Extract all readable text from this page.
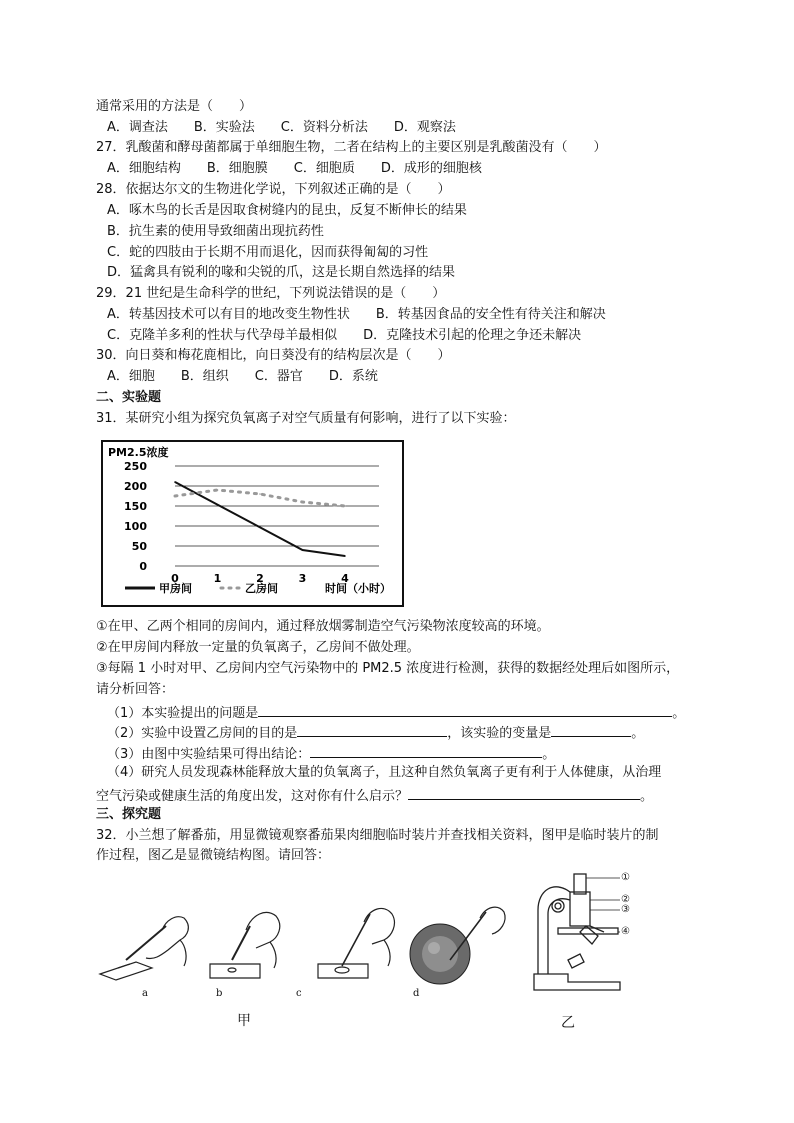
通常采用的方法是（　　）
A．调查法　　B．实验法　　C．资料分析法　　D．观察法
27．乳酸菌和酵母菌都属于单细胞生物，二者在结构上的主要区别是乳酸菌没有（　　）
A．细胞结构　　B．细胞膜　　C．细胞质　　D．成形的细胞核
28．依据达尔文的生物进化学说，下列叙述正确的是（　　）
A．啄木鸟的长舌是因取食树缝内的昆虫，反复不断伸长的结果
B．抗生素的使用导致细菌出现抗药性
C．蛇的四肢由于长期不用而退化，因而获得匍匐的习性
D．猛禽具有锐利的喙和尖锐的爪，这是长期自然选择的结果
29．21 世纪是生命科学的世纪，下列说法错误的是（　　）
A．转基因技术可以有目的地改变生物性状　　B．转基因食品的安全性有待关注和解决
C．克隆羊多利的性状与代孕母羊最相似　　D．克隆技术引起的伦理之争还未解决
30．向日葵和梅花鹿相比，向日葵没有的结构层次是（　　）
A．细胞　　B．组织　　C．器官　　D．系统
二、实验题
31．某研究小组为探究负氧离子对空气质量有何影响，进行了以下实验：
PM2.5浓度
250
200
150
100
50
0
0	1	2	3	4
甲房间	乙房间	时间（小时）
①在甲、乙两个相同的房间内，通过释放烟雾制造空气污染物浓度较高的环境。
②在甲房间内释放一定量的负氧离子，乙房间不做处理。
③每隔 1 小时对甲、乙房间内空气污染物中的 PM2.5 浓度进行检测，获得的数据经处理后如图所示，
请分析回答：
（1）本实验提出的问题是	。
（2）实验中设置乙房间的目的是	，该实验的变量是	。
（3）由图中实验结果可得出结论：	。
（4）研究人员发现森林能释放大量的负氧离子，且这种自然负氧离子更有利于人体健康，从治理
空气污染或健康生活的角度出发，这对你有什么启示？	。
三、探究题
32．小兰想了解番茄，用显微镜观察番茄果肉细胞临时装片并查找相关资料，图甲是临时装片的制
作过程，图乙是显微镜结构图。请回答：
a	b	c	d
甲
①
②
③
④
乙
